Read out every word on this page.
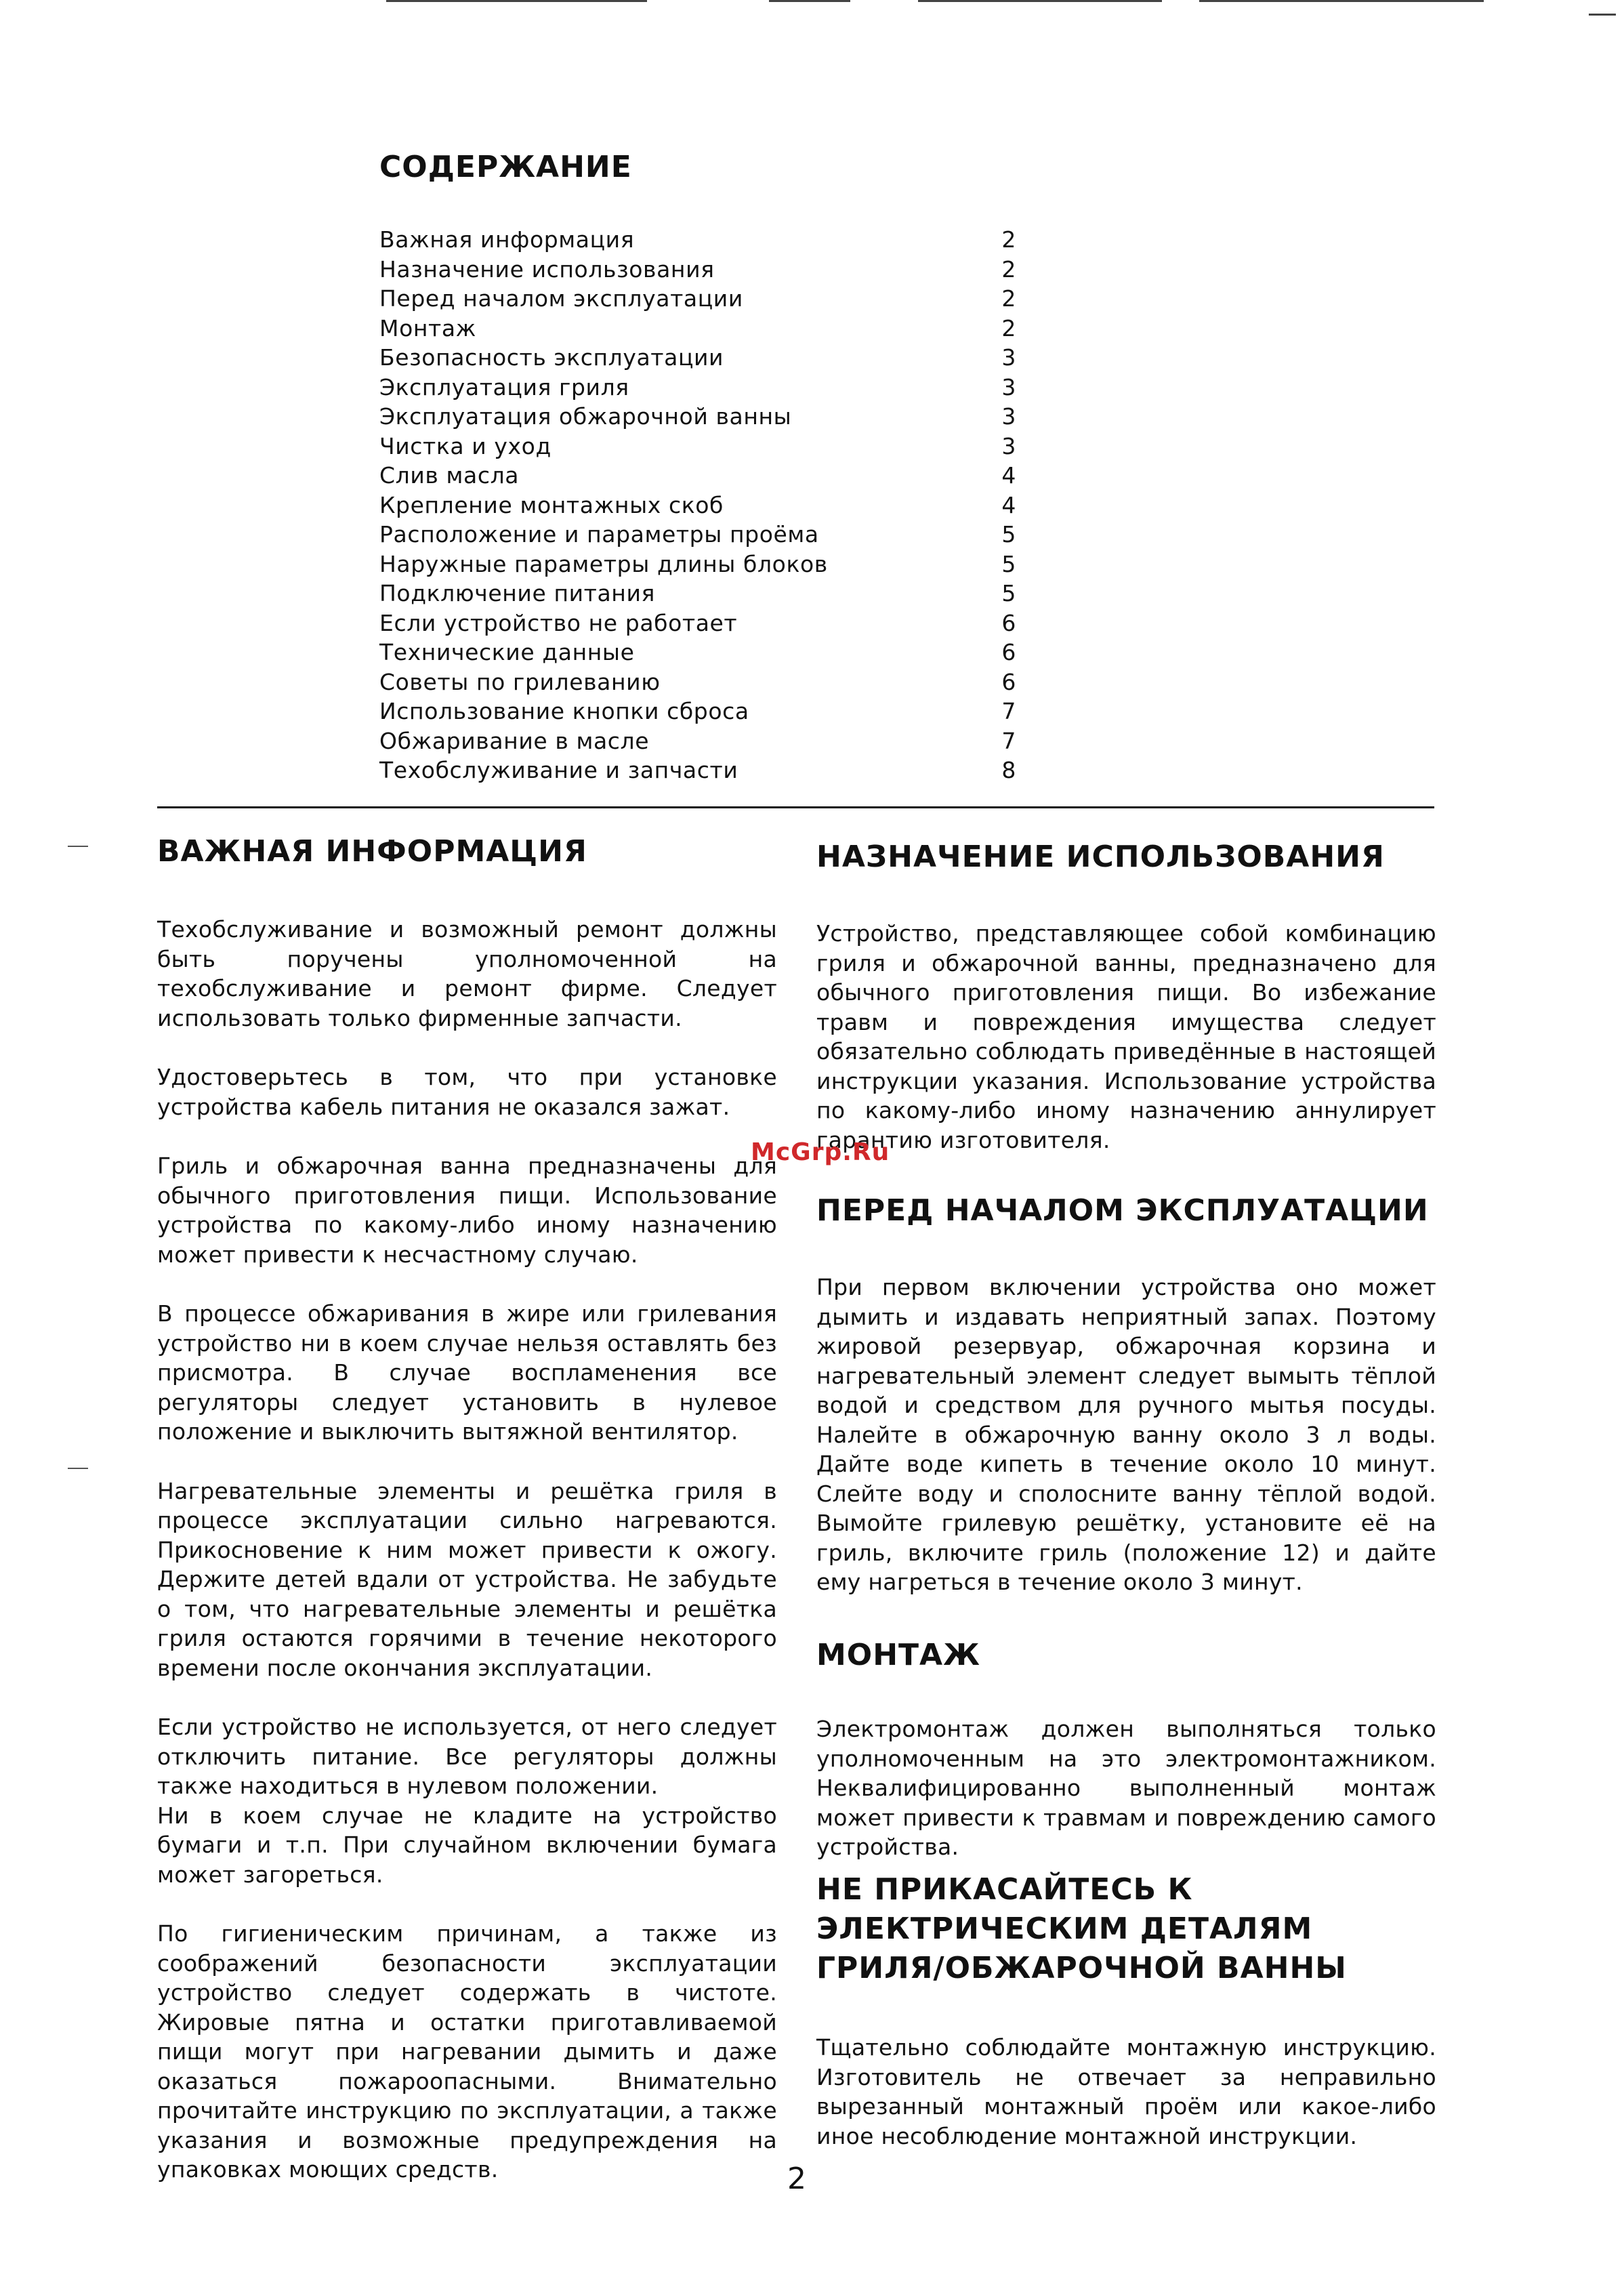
СОДЕРЖАНИЕ
Важная информация	2
Назначение использования	2
Перед началом эксплуатации	2
Монтаж	2
Безопасность эксплуатации	3
Эксплуатация гриля	3
Эксплуатация обжарочной ванны	3
Чистка и уход	3
Слив масла	4
Крепление монтажных скоб	4
Расположение и параметры проёма	5
Наружные параметры длины блоков	5
Подключение питания	5
Если устройство не работает	6
Технические данные	6
Советы по грилеванию	6
Использование кнопки сброса	7
Обжаривание в масле	7
Техобслуживание и запчасти	8
ВАЖНАЯ ИНФОРМАЦИЯ

Техобслуживание и возможный ремонт должны быть поручены уполномоченной на техобслуживание и ремонт фирме. Следует использовать только фирменные запчасти.

Удостоверьтесь в том, что при установке устройства кабель питания не оказался зажат.

Гриль и обжарочная ванна предназначены для обычного приготовления пищи. Использование устройства по какому-либо иному назначению может привести к несчастному случаю.

В процессе обжаривания в жире или грилевания устройство ни в коем случае нельзя оставлять без присмотра. В случае воспламенения все регуляторы следует установить в нулевое положение и выключить вытяжной вентилятор.

Нагревательные элементы и решётка гриля в процессе эксплуатации сильно нагреваются. Прикосновение к ним может привести к ожогу. Держите детей вдали от устройства. Не забудьте о том, что нагревательные элементы и решётка гриля остаются горячими в течение некоторого времени после окончания эксплуатации.

Если устройство не используется, от него следует отключить питание. Все регуляторы должны также находиться в нулевом положении.

Ни в коем случае не кладите на устройство бумаги и т.п. При случайном включении бумага может загореться.

По гигиеническим причинам, а также из соображений безопасности эксплуатации устройство следует содержать в чистоте. Жировые пятна и остатки приготавливаемой пищи могут при нагревании дымить и даже оказаться пожароопасными. Внимательно прочитайте инструкцию по эксплуатации, а также указания и возможные предупреждения на упаковках моющих средств.

НАЗНАЧЕНИЕ ИСПОЛЬЗОВАНИЯ

Устройство, представляющее собой комбинацию гриля и обжарочной ванны, предназначено для обычного приготовления пищи. Во избежание травм и повреждения имущества следует обязательно соблюдать приведённые в настоящей инструкции указания. Использование устройства по какому-либо иному назначению аннулирует гарантию изготовителя.

ПЕРЕД НАЧАЛОМ ЭКСПЛУАТАЦИИ

При первом включении устройства оно может дымить и издавать неприятный запах. Поэтому жировой резервуар, обжарочная корзина и нагревательный элемент следует вымыть тёплой водой и средством для ручного мытья посуды. Налейте в обжарочную ванну около 3 л воды. Дайте воде кипеть в течение около 10 минут. Слейте воду и сполосните ванну тёплой водой. Вымойте грилевую решётку, установите её на гриль, включите гриль (положение 12) и дайте ему нагреться в течение около 3 минут.

МОНТАЖ

Электромонтаж должен выполняться только уполномоченным на это электромонтажником. Неквалифицированно выполненный монтаж может привести к травмам и повреждению самого устройства.

НЕ ПРИКАСАЙТЕСЬ К ЭЛЕКТРИЧЕСКИМ ДЕТАЛЯМ ГРИЛЯ/ОБЖАРОЧНОЙ ВАННЫ

Тщательно соблюдайте монтажную инструкцию. Изготовитель не отвечает за неправильно вырезанный монтажный проём или какое-либо иное несоблюдение монтажной инструкции.

McGrp.Ru
2
